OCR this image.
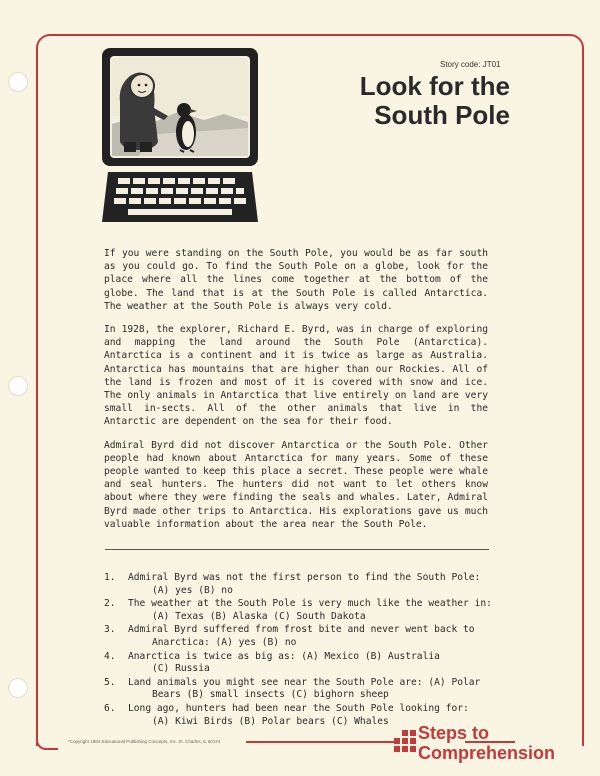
Story code: JT01
Look for the
South Pole

If you were standing on the South Pole, you would be as far south as you could go. To find the South Pole on a globe, look for the place where all the lines come together at the bottom of the globe. The land that is at the South Pole is called Antarctica. The weather at the South Pole is always very cold.

In 1928, the explorer, Richard E. Byrd, was in charge of exploring and mapping the land around the South Pole (Antarctica). Antarctica is a continent and it is twice as large as Australia. Antarctica has mountains that are higher than our Rockies. All of the land is frozen and most of it is covered with snow and ice. The only animals in Antarctica that live entirely on land are very small in-sects. All of the other animals that live in the Antarctic are dependent on the sea for their food.

Admiral Byrd did not discover Antarctica or the South Pole. Other people had known about Antarctica for many years. Some of these people wanted to keep this place a secret. These people were whale and seal hunters. The hunters did not want to let others know about where they were finding the seals and whales. Later, Admiral Byrd made other trips to Antarctica. His explorations gave us much valuable information about the area near the South Pole.

1. Admiral Byrd was not the first person to find the South Pole:
(A) yes (B) no
2. The weather at the South Pole is very much like the weather in:
(A) Texas (B) Alaska (C) South Dakota
3. Admiral Byrd suffered from frost bite and never went back to
Anarctica: (A) yes (B) no
4. Anarctica is twice as big as: (A) Mexico (B) Australia
(C) Russia
5. Land animals you might see near the South Pole are: (A) Polar
Bears (B) small insects (C) bighorn sheep
6. Long ago, hunters had been near the South Pole looking for:
(A) Kiwi Birds (B) Polar bears (C) Whales
*Copyright 1984 Educational Publishing Concepts, Inc. St. Charles, IL 60174	Steps to
Comprehension
